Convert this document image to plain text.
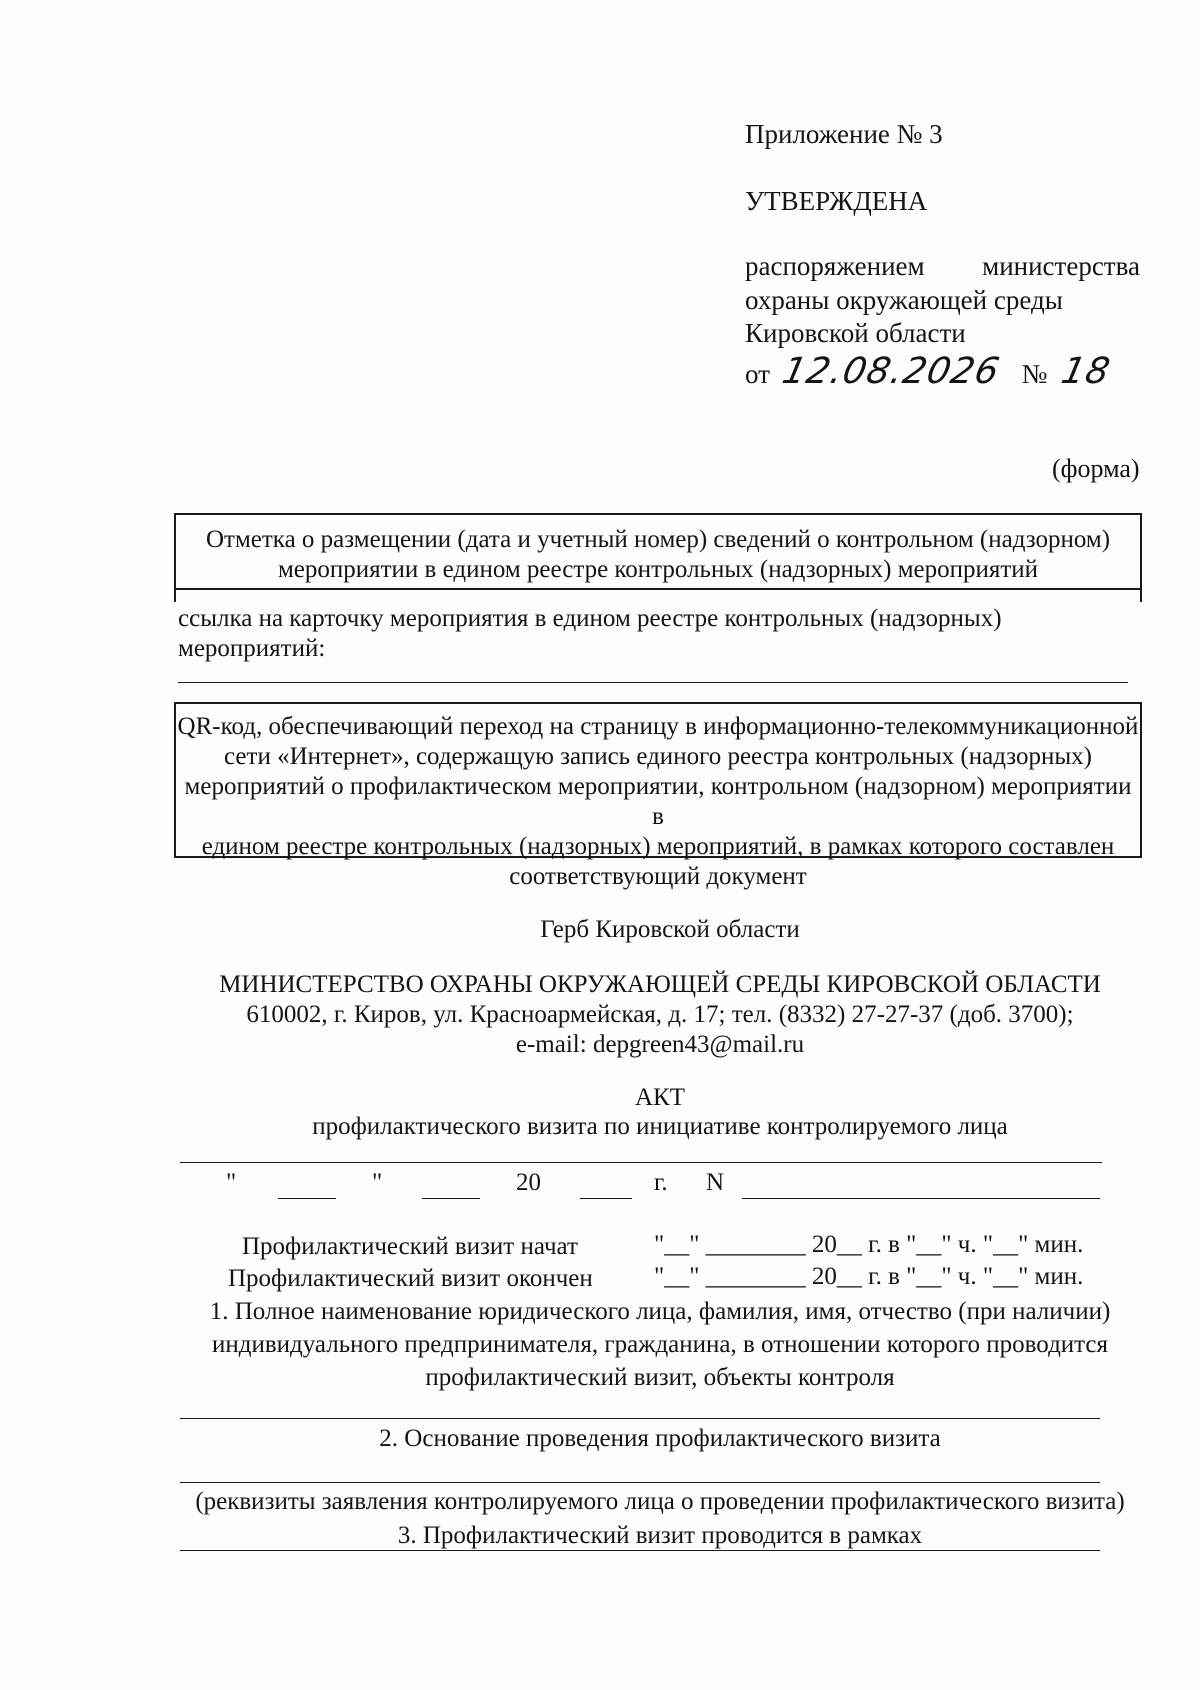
Приложение № 3
УТВЕРЖДЕНА
распоряжением министерства
охраны окружающей среды
Кировской области
от 12.08.2026 № 18
(форма)
Отметка о размещении (дата и учетный номер) сведений о контрольном (надзорном)
мероприятии в едином реестре контрольных (надзорных) мероприятий
ссылка на карточку мероприятия в едином реестре контрольных (надзорных)
мероприятий:
QR-код, обеспечивающий переход на страницу в информационно-телекоммуникационной
сети «Интернет», содержащую запись единого реестра контрольных (надзорных)
мероприятий о профилактическом мероприятии, контрольном (надзорном) мероприятии в
едином реестре контрольных (надзорных) мероприятий, в рамках которого составлен
соответствующий документ
Герб Кировской области
МИНИСТЕРСТВО ОХРАНЫ ОКРУЖАЮЩЕЙ СРЕДЫ КИРОВСКОЙ ОБЛАСТИ
610002, г. Киров, ул. Красноармейская, д. 17; тел. (8332) 27-27-37 (доб. 3700);
e-mail: depgreen43@mail.ru
АКТ
профилактического визита по инициативе контролируемого лица
"	"	20	г. N
Профилактический визит начат	"__" ________ 20__ г. в "__" ч. "__" мин.
Профилактический визит окончен "__" ________ 20__ г. в "__" ч. "__" мин.
1. Полное наименование юридического лица, фамилия, имя, отчество (при наличии)
индивидуального предпринимателя, гражданина, в отношении которого проводится
профилактический визит, объекты контроля
2. Основание проведения профилактического визита
(реквизиты заявления контролируемого лица о проведении профилактического визита)
3. Профилактический визит проводится в рамках
